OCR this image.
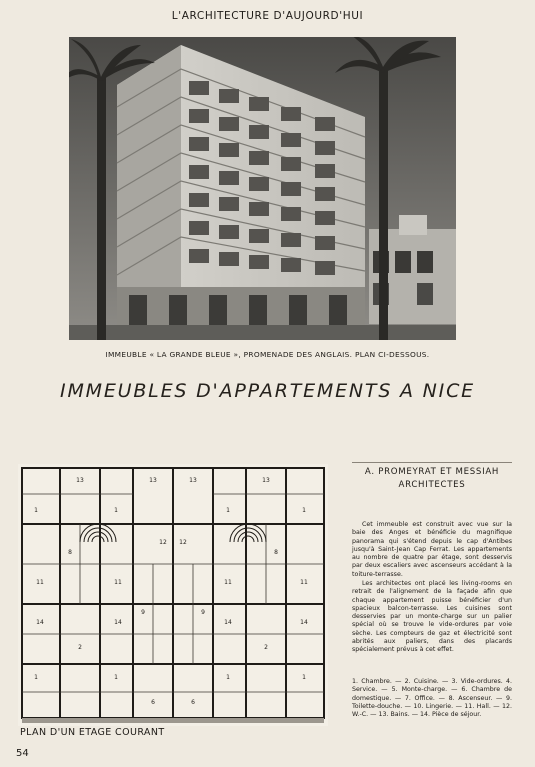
L'ARCHITECTURE D'AUJOURD'HUI
IMMEUBLE « LA GRANDE BLEUE », PROMENADE DES ANGLAIS. PLAN CI-DESSOUS.
IMMEUBLES D'APPARTEMENTS A NICE
1	1	1	1
1	1	1	1
14	14	14	14
11	11	11	11
13	13	13	13
12 12
9	9
6	6
2	2
8	8
PLAN D'UN ETAGE COURANT
54
A. PROMEYRAT ET MESSIAH
ARCHITECTES
Cet immeuble est construit avec vue sur la baie des Anges et bénéficie du magnifique panorama qui s'étend depuis le cap d'Antibes jusqu'à Saint-Jean Cap Ferrat. Les appartements au nombre de quatre par étage, sont desservis par deux escaliers avec ascenseurs accédant à la toiture-terrasse.
Les architectes ont placé les living-rooms en retrait de l'alignement de la façade afin que chaque appartement puisse bénéficier d'un spacieux balcon-terrasse. Les cuisines sont desservies par un monte-charge sur un palier spécial où se trouve le vide-ordures par voie sèche. Les compteurs de gaz et électricité sont abrités aux paliers, dans des placards spécialement prévus à cet effet.
1. Chambre. — 2. Cuisine. — 3. Vide-ordures. 4. Service. — 5. Monte-charge. — 6. Chambre de domestique. — 7. Office. — 8. Ascenseur. — 9. Toilette-douche. — 10. Lingerie. — 11. Hall. — 12. W.-C. — 13. Bains. — 14. Pièce de séjour.
